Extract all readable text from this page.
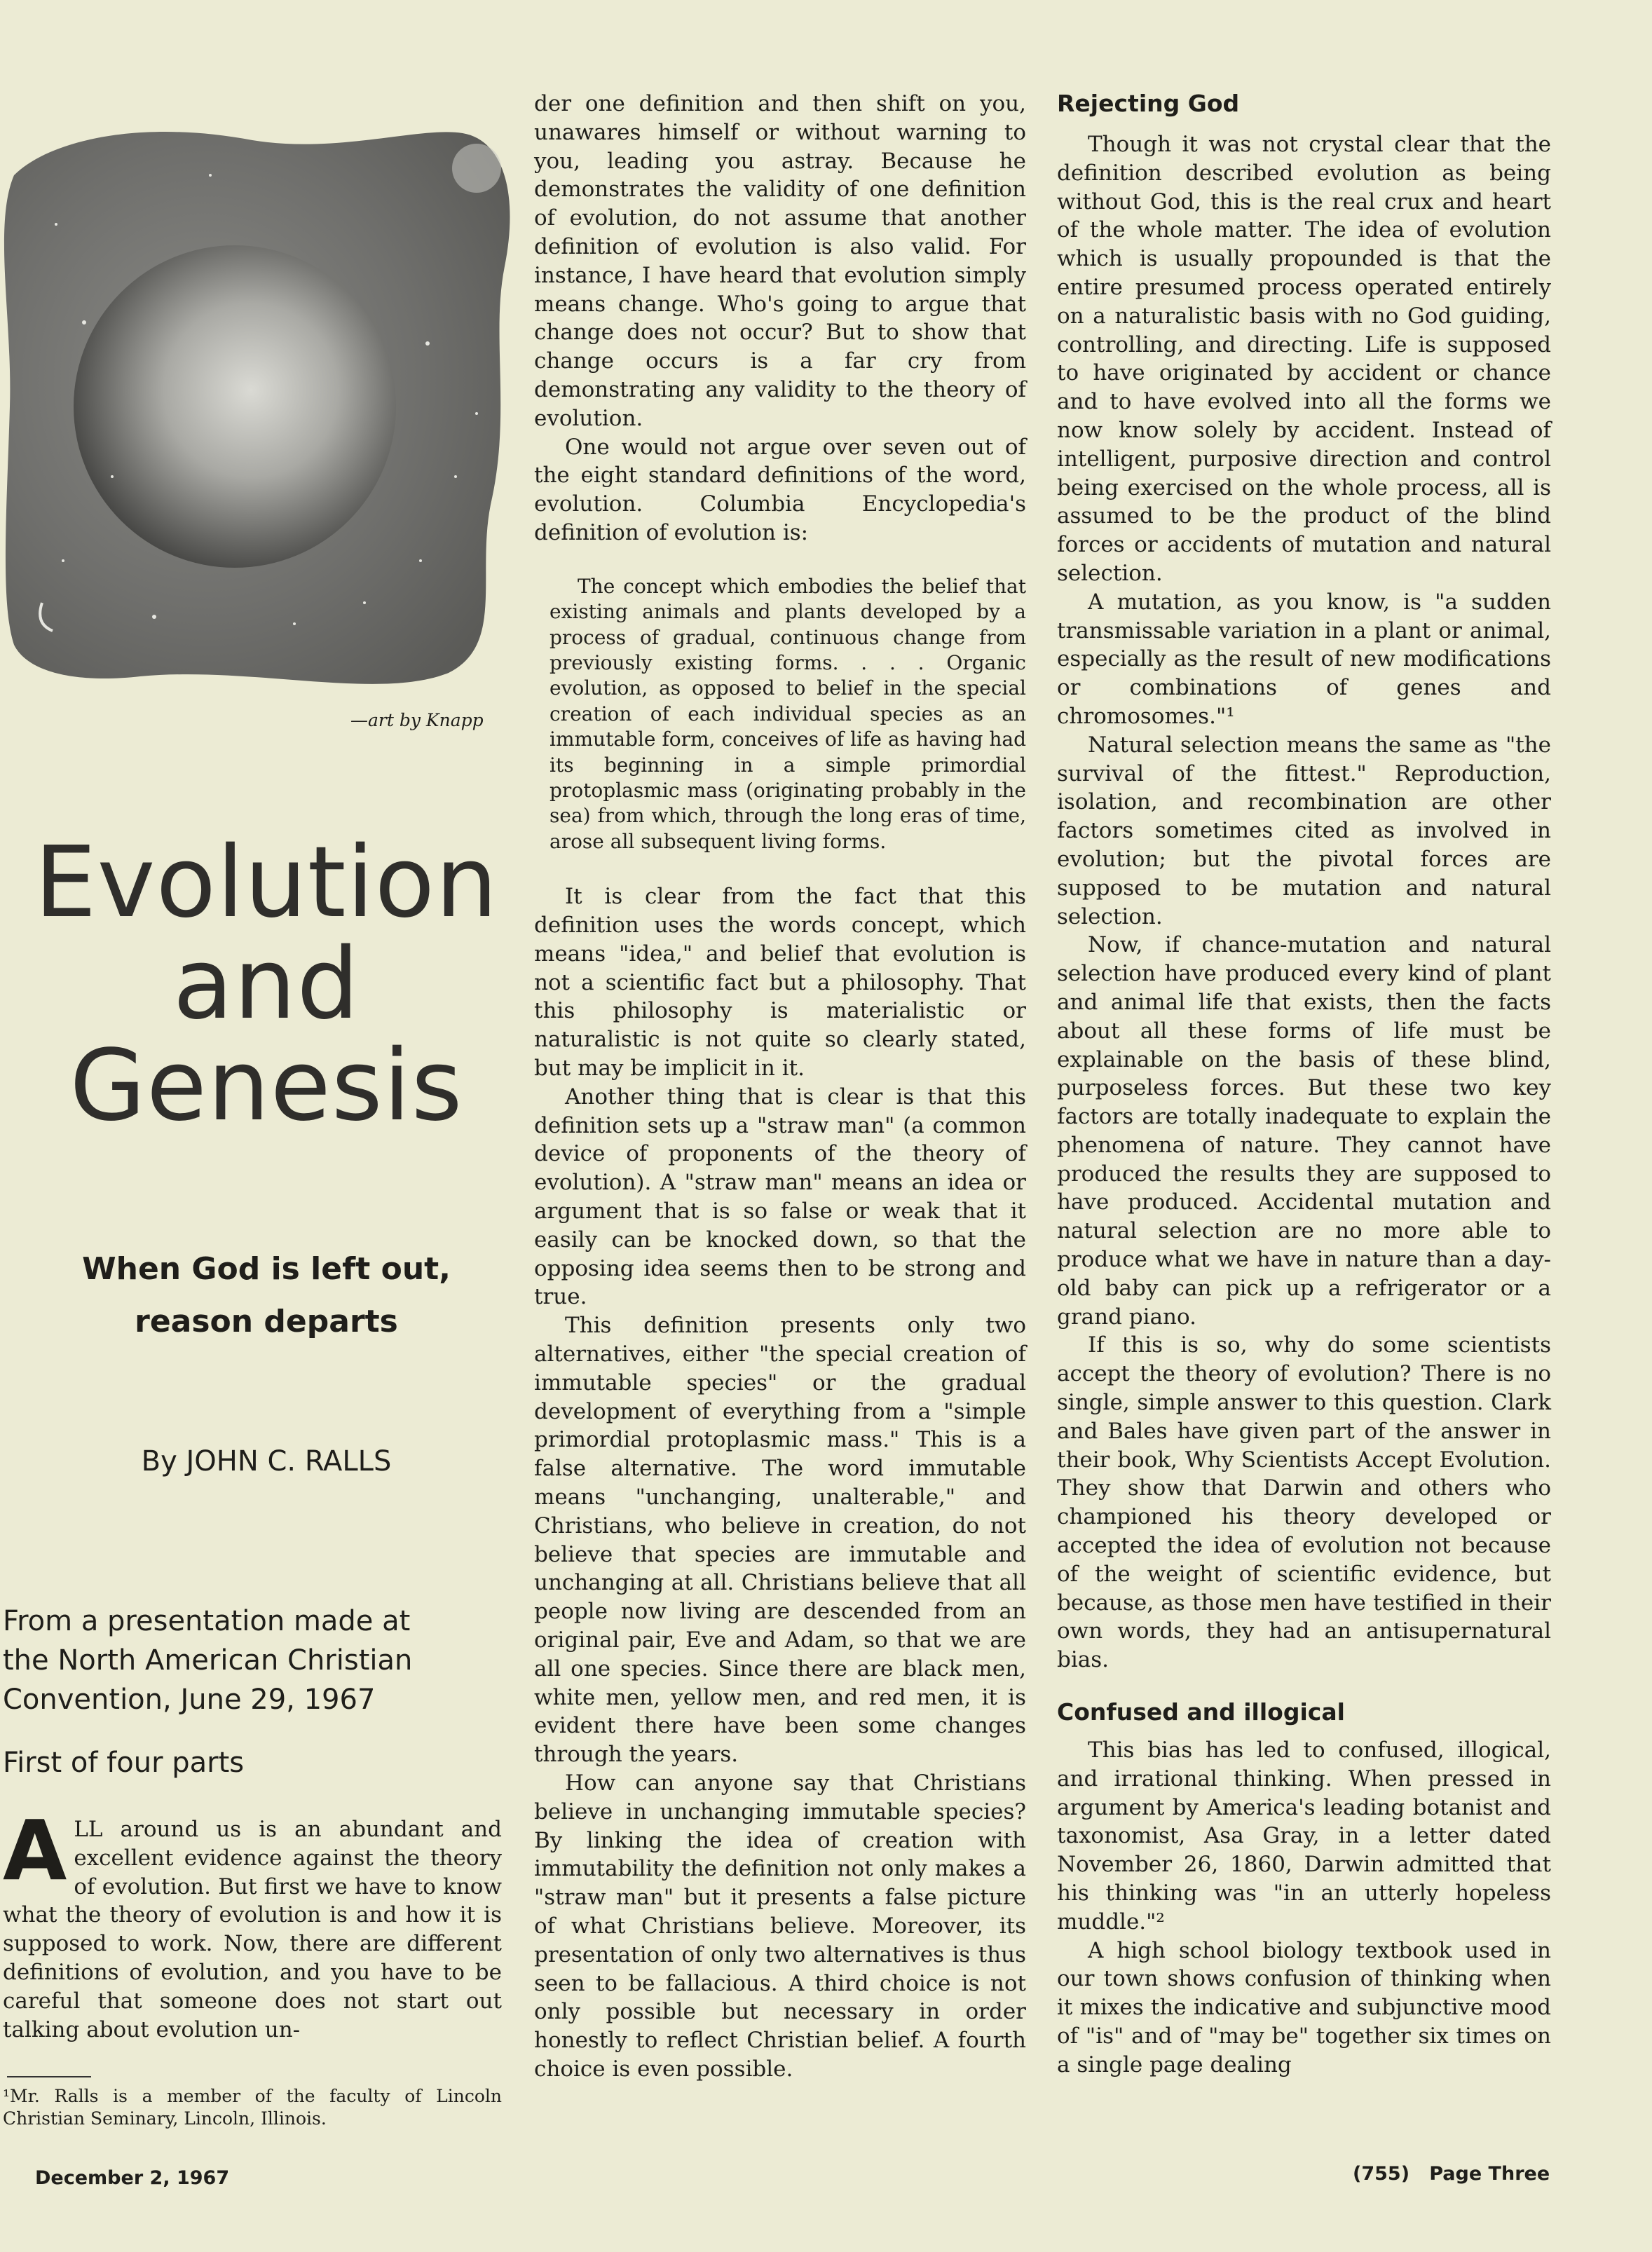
—art by Knapp
Evolution
and
Genesis
When God is left out,
reason departs
By JOHN C. RALLS
From a presentation made at
the North American Christian
Convention, June 29, 1967
First of four parts

ALL around us is an abundant and excellent evidence against the theory of evolution. But first we have to know what the theory of evolution is and how it is supposed to work. Now, there are different definitions of evolution, and you have to be careful that someone does not start out talking about evolution un-

¹Mr. Ralls is a member of the faculty of Lincoln Christian Seminary, Lincoln, Illinois.

der one definition and then shift on you, unawares himself or without warning to you, leading you astray. Because he demonstrates the validity of one definition of evolution, do not assume that another definition of evolution is also valid. For instance, I have heard that evolution simply means change. Who's going to argue that change does not occur? But to show that change occurs is a far cry from demonstrating any validity to the theory of evolution.

One would not argue over seven out of the eight standard definitions of the word, evolution. Columbia Encyclopedia's definition of evolution is:

The concept which embodies the belief that existing animals and plants developed by a process of gradual, continuous change from previously existing forms. . . . Organic evolution, as opposed to belief in the special creation of each individual species as an immutable form, conceives of life as having had its beginning in a simple primordial protoplasmic mass (originating probably in the sea) from which, through the long eras of time, arose all subsequent living forms.

It is clear from the fact that this definition uses the words concept, which means "idea," and belief that evolution is not a scientific fact but a philosophy. That this philosophy is materialistic or naturalistic is not quite so clearly stated, but may be implicit in it.

Another thing that is clear is that this definition sets up a "straw man" (a common device of proponents of the theory of evolution). A "straw man" means an idea or argument that is so false or weak that it easily can be knocked down, so that the opposing idea seems then to be strong and true.

This definition presents only two alternatives, either "the special creation of immutable species" or the gradual development of everything from a "simple primordial protoplasmic mass." This is a false alternative. The word immutable means "unchanging, unalterable," and Christians, who believe in creation, do not believe that species are immutable and unchanging at all. Christians believe that all people now living are descended from an original pair, Eve and Adam, so that we are all one species. Since there are black men, white men, yellow men, and red men, it is evident there have been some changes through the years.

How can anyone say that Christians believe in unchanging immutable species? By linking the idea of creation with immutability the definition not only makes a "straw man" but it presents a false picture of what Christians believe. Moreover, its presentation of only two alternatives is thus seen to be fallacious. A third choice is not only possible but necessary in order honestly to reflect Christian belief. A fourth choice is even possible.

Rejecting God

Though it was not crystal clear that the definition described evolution as being without God, this is the real crux and heart of the whole matter. The idea of evolution which is usually propounded is that the entire presumed process operated entirely on a naturalistic basis with no God guiding, controlling, and directing. Life is supposed to have originated by accident or chance and to have evolved into all the forms we now know solely by accident. Instead of intelligent, purposive direction and control being exercised on the whole process, all is assumed to be the product of the blind forces or accidents of mutation and natural selection.

A mutation, as you know, is "a sudden transmissable variation in a plant or animal, especially as the result of new modifications or combinations of genes and chromosomes."¹

Natural selection means the same as "the survival of the fittest." Reproduction, isolation, and recombination are other factors sometimes cited as involved in evolution; but the pivotal forces are supposed to be mutation and natural selection.

Now, if chance-mutation and natural selection have produced every kind of plant and animal life that exists, then the facts about all these forms of life must be explainable on the basis of these blind, purposeless forces. But these two key factors are totally inadequate to explain the phenomena of nature. They cannot have produced the results they are supposed to have produced. Accidental mutation and natural selection are no more able to produce what we have in nature than a day-old baby can pick up a refrigerator or a grand piano.

If this is so, why do some scientists accept the theory of evolution? There is no single, simple answer to this question. Clark and Bales have given part of the answer in their book, Why Scientists Accept Evolution. They show that Darwin and others who championed his theory developed or accepted the idea of evolution not because of the weight of scientific evidence, but because, as those men have testified in their own words, they had an antisupernatural bias.

Confused and illogical

This bias has led to confused, illogical, and irrational thinking. When pressed in argument by America's leading botanist and taxonomist, Asa Gray, in a letter dated November 26, 1860, Darwin admitted that his thinking was "in an utterly hopeless muddle."²

A high school biology textbook used in our town shows confusion of thinking when it mixes the indicative and subjunctive mood of "is" and of "may be" together six times on a single page dealing

December 2, 1967	(755)   Page Three
